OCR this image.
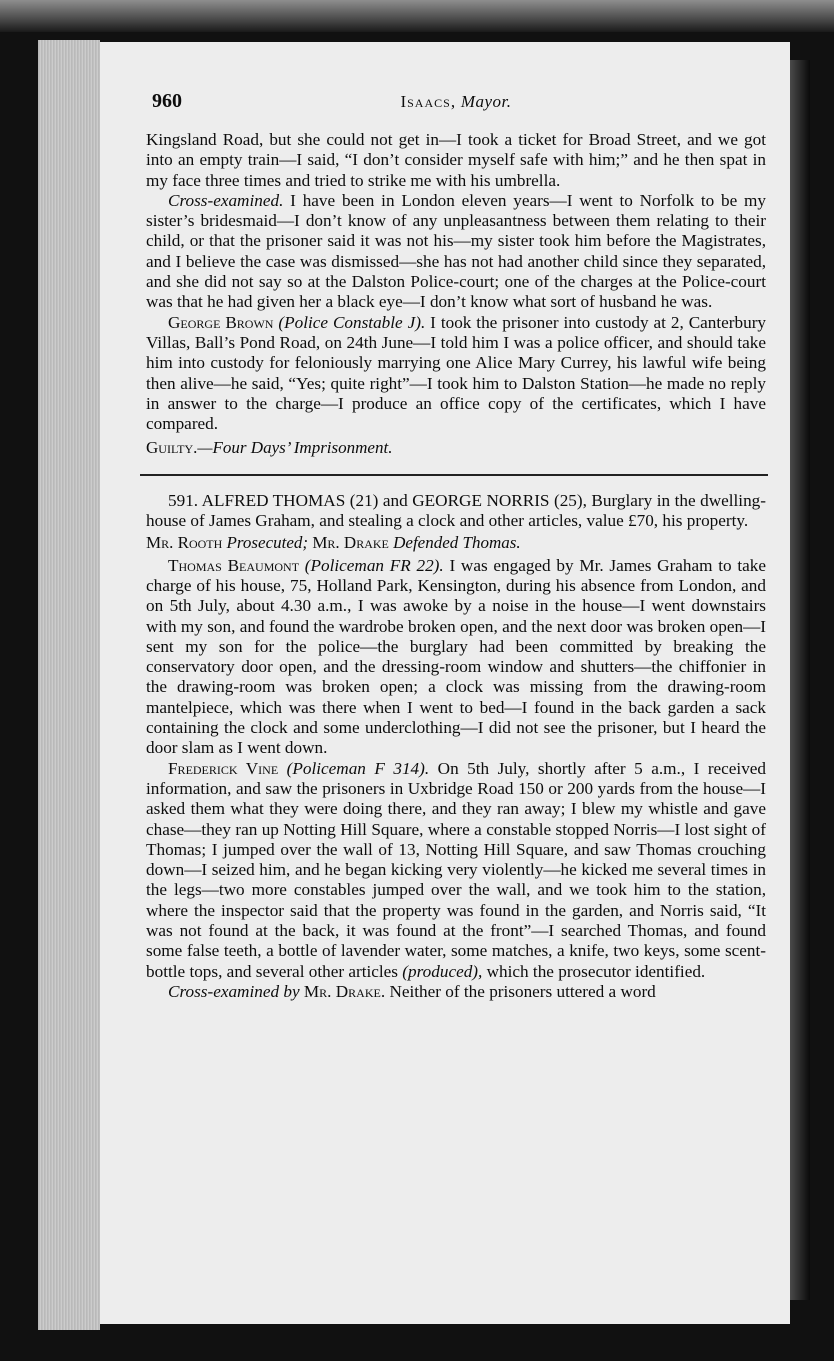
960	Isaacs, Mayor.

Kingsland Road, but she could not get in—I took a ticket for Broad Street, and we got into an empty train—I said, “I don’t consider myself safe with him;” and he then spat in my face three times and tried to strike me with his umbrella.

Cross-examined. I have been in London eleven years—I went to Norfolk to be my sister’s bridesmaid—I don’t know of any unpleasantness between them relating to their child, or that the prisoner said it was not his—my sister took him before the Magistrates, and I believe the case was dismissed—she has not had another child since they separated, and she did not say so at the Dalston Police-court; one of the charges at the Police-court was that he had given her a black eye—I don’t know what sort of husband he was.

George Brown (Police Constable J). I took the prisoner into custody at 2, Canterbury Villas, Ball’s Pond Road, on 24th June—I told him I was a police officer, and should take him into custody for feloniously marrying one Alice Mary Currey, his lawful wife being then alive—he said, “Yes; quite right”—I took him to Dalston Station—he made no reply in answer to the charge—I produce an office copy of the certificates, which I have compared.

Guilty.—Four Days’ Imprisonment.

591. ALFRED THOMAS (21) and GEORGE NORRIS (25), Burglary in the dwelling-house of James Graham, and stealing a clock and other articles, value £70, his property.

Mr. Rooth Prosecuted; Mr. Drake Defended Thomas.

Thomas Beaumont (Policeman FR 22). I was engaged by Mr. James Graham to take charge of his house, 75, Holland Park, Kensington, during his absence from London, and on 5th July, about 4.30 a.m., I was awoke by a noise in the house—I went downstairs with my son, and found the wardrobe broken open, and the next door was broken open—I sent my son for the police—the burglary had been committed by breaking the conservatory door open, and the dressing-room window and shutters—the chiffonier in the drawing-room was broken open; a clock was missing from the drawing-room mantelpiece, which was there when I went to bed—I found in the back garden a sack containing the clock and some underclothing—I did not see the prisoner, but I heard the door slam as I went down.

Frederick Vine (Policeman F 314). On 5th July, shortly after 5 a.m., I received information, and saw the prisoners in Uxbridge Road 150 or 200 yards from the house—I asked them what they were doing there, and they ran away; I blew my whistle and gave chase—they ran up Notting Hill Square, where a constable stopped Norris—I lost sight of Thomas; I jumped over the wall of 13, Notting Hill Square, and saw Thomas crouching down—I seized him, and he began kicking very violently—he kicked me several times in the legs—two more constables jumped over the wall, and we took him to the station, where the inspector said that the property was found in the garden, and Norris said, “It was not found at the back, it was found at the front”—I searched Thomas, and found some false teeth, a bottle of lavender water, some matches, a knife, two keys, some scent-bottle tops, and several other articles (produced), which the prosecutor identified.

Cross-examined by Mr. Drake. Neither of the prisoners uttered a word
